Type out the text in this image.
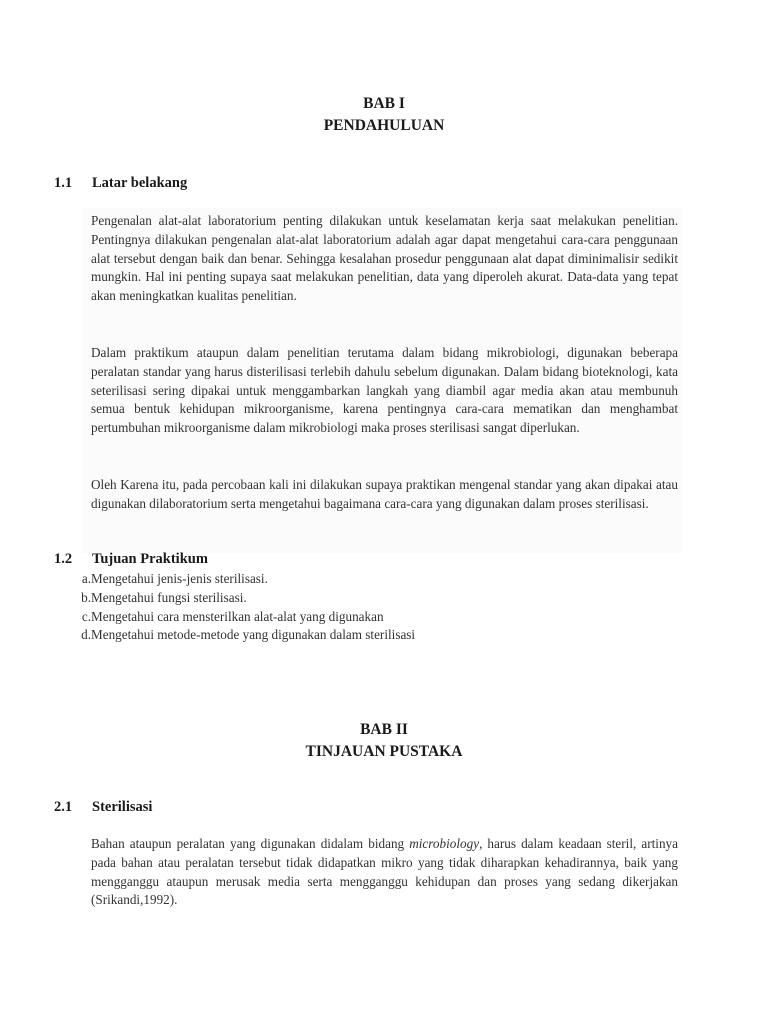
BAB I
PENDAHULUAN
1.1 Latar belakang
Pengenalan alat-alat laboratorium penting dilakukan untuk keselamatan kerja saat melakukan penelitian. Pentingnya dilakukan pengenalan alat-alat laboratorium adalah agar dapat mengetahui cara-cara penggunaan alat tersebut dengan baik dan benar. Sehingga kesalahan prosedur penggunaan alat dapat diminimalisir sedikit mungkin. Hal ini penting supaya saat melakukan penelitian, data yang diperoleh akurat. Data-data yang tepat akan meningkatkan kualitas penelitian.
Dalam praktikum ataupun dalam penelitian terutama dalam bidang mikrobiologi, digunakan beberapa peralatan standar yang harus disterilisasi terlebih dahulu sebelum digunakan. Dalam bidang bioteknologi, kata seterilisasi sering dipakai untuk menggambarkan langkah yang diambil agar media akan atau membunuh semua bentuk kehidupan mikroorganisme, karena pentingnya cara-cara mematikan dan menghambat pertumbuhan mikroorganisme dalam mikrobiologi maka proses sterilisasi sangat diperlukan.
Oleh Karena itu, pada percobaan kali ini dilakukan supaya praktikan mengenal standar yang akan dipakai atau digunakan dilaboratorium serta mengetahui bagaimana cara-cara yang digunakan dalam proses sterilisasi.
1.2 Tujuan Praktikum
a. Mengetahui jenis-jenis sterilisasi.
b. Mengetahui fungsi sterilisasi.
c. Mengetahui cara mensterilkan alat-alat yang digunakan
d. Mengetahui metode-metode yang digunakan dalam sterilisasi
BAB II
TINJAUAN PUSTAKA
2.1 Sterilisasi
Bahan ataupun peralatan yang digunakan didalam bidang microbiology, harus dalam keadaan steril, artinya pada bahan atau peralatan tersebut tidak didapatkan mikro yang tidak diharapkan kehadirannya, baik yang mengganggu ataupun merusak media serta mengganggu kehidupan dan proses yang sedang dikerjakan (Srikandi,1992).
